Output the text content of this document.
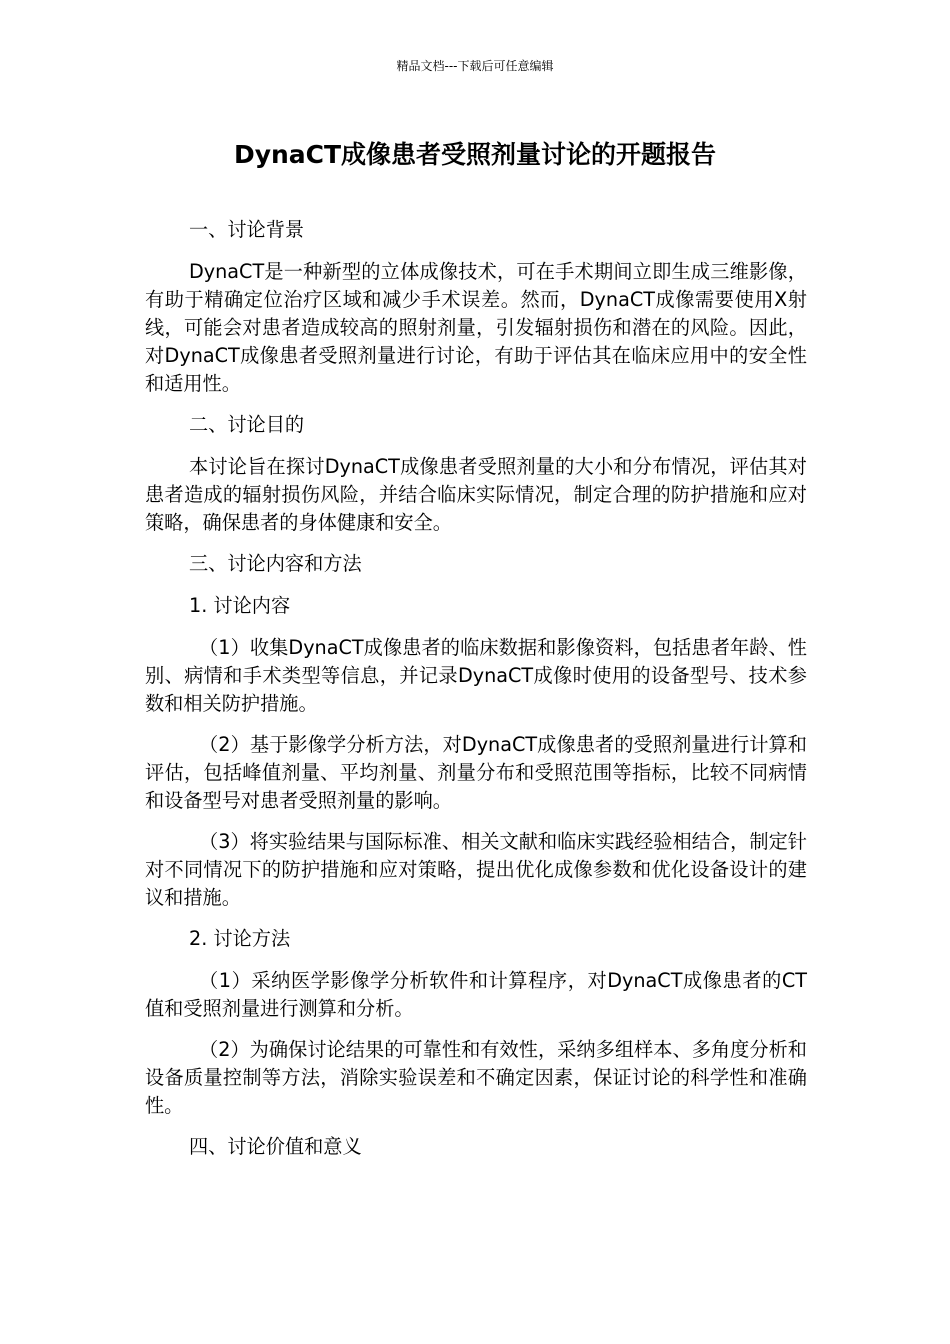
精品文档---下载后可任意编辑
DynaCT成像患者受照剂量讨论的开题报告

一、讨论背景

DynaCT是一种新型的立体成像技术，可在手术期间立即生成三维影像，有助于精确定位治疗区域和减少手术误差。然而，DynaCT成像需要使用X射线，可能会对患者造成较高的照射剂量，引发辐射损伤和潜在的风险。因此，对DynaCT成像患者受照剂量进行讨论，有助于评估其在临床应用中的安全性和适用性。

二、讨论目的

本讨论旨在探讨DynaCT成像患者受照剂量的大小和分布情况，评估其对患者造成的辐射损伤风险，并结合临床实际情况，制定合理的防护措施和应对策略，确保患者的身体健康和安全。

三、讨论内容和方法

1. 讨论内容

（1）收集DynaCT成像患者的临床数据和影像资料，包括患者年龄、性别、病情和手术类型等信息，并记录DynaCT成像时使用的设备型号、技术参数和相关防护措施。

（2）基于影像学分析方法，对DynaCT成像患者的受照剂量进行计算和评估，包括峰值剂量、平均剂量、剂量分布和受照范围等指标，比较不同病情和设备型号对患者受照剂量的影响。

（3）将实验结果与国际标准、相关文献和临床实践经验相结合，制定针对不同情况下的防护措施和应对策略，提出优化成像参数和优化设备设计的建议和措施。

2. 讨论方法

（1）采纳医学影像学分析软件和计算程序，对DynaCT成像患者的CT值和受照剂量进行测算和分析。

（2）为确保讨论结果的可靠性和有效性，采纳多组样本、多角度分析和设备质量控制等方法，消除实验误差和不确定因素，保证讨论的科学性和准确性。

四、讨论价值和意义
